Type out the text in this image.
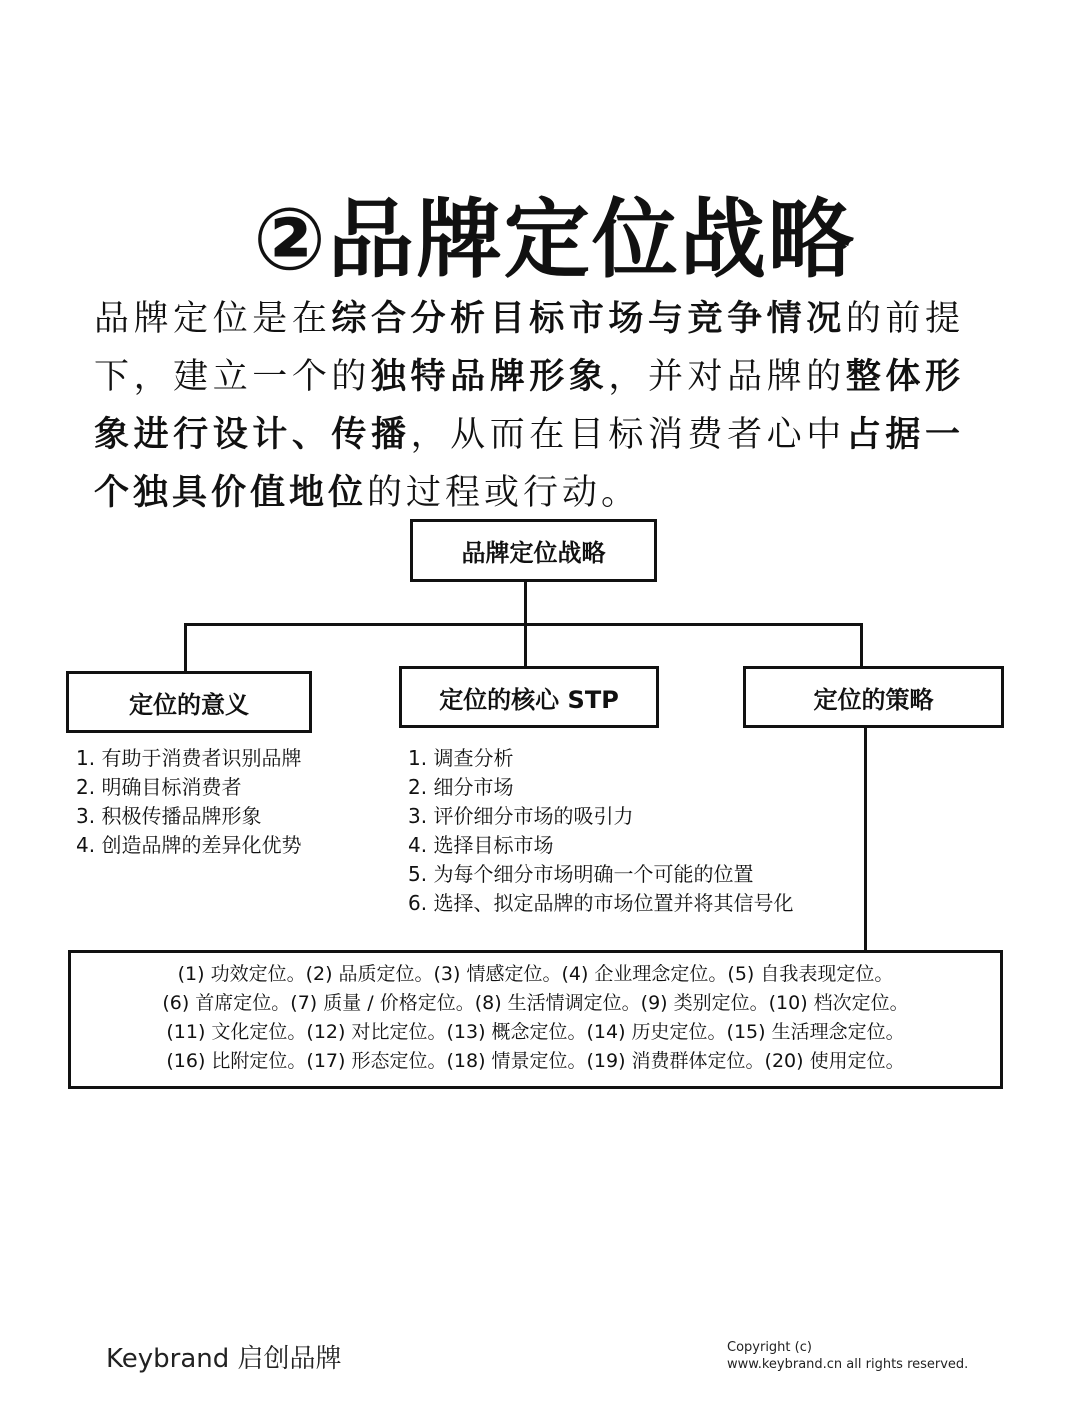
②品牌定位战略
品牌定位是在综合分析目标市场与竞争情况的前提下，建立一个的独特品牌形象，并对品牌的整体形象进行设计、传播，从而在目标消费者心中占据一个独具价值地位的过程或行动。
品牌定位战略
定位的意义	定位的核心 STP	定位的策略
1. 有助于消费者识别品牌
2. 明确目标消费者
3. 积极传播品牌形象
4. 创造品牌的差异化优势
1. 调查分析
2. 细分市场
3. 评价细分市场的吸引力
4. 选择目标市场
5. 为每个细分市场明确一个可能的位置
6. 选择、拟定品牌的市场位置并将其信号化
(1) 功效定位。(2) 品质定位。(3) 情感定位。(4) 企业理念定位。(5) 自我表现定位。
(6) 首席定位。(7) 质量 / 价格定位。(8) 生活情调定位。(9) 类别定位。(10) 档次定位。
(11) 文化定位。(12) 对比定位。(13) 概念定位。(14) 历史定位。(15) 生活理念定位。
(16) 比附定位。(17) 形态定位。(18) 情景定位。(19) 消费群体定位。(20) 使用定位。
Keybrand 启创品牌	Copyright (c)
www.keybrand.cn all rights reserved.
